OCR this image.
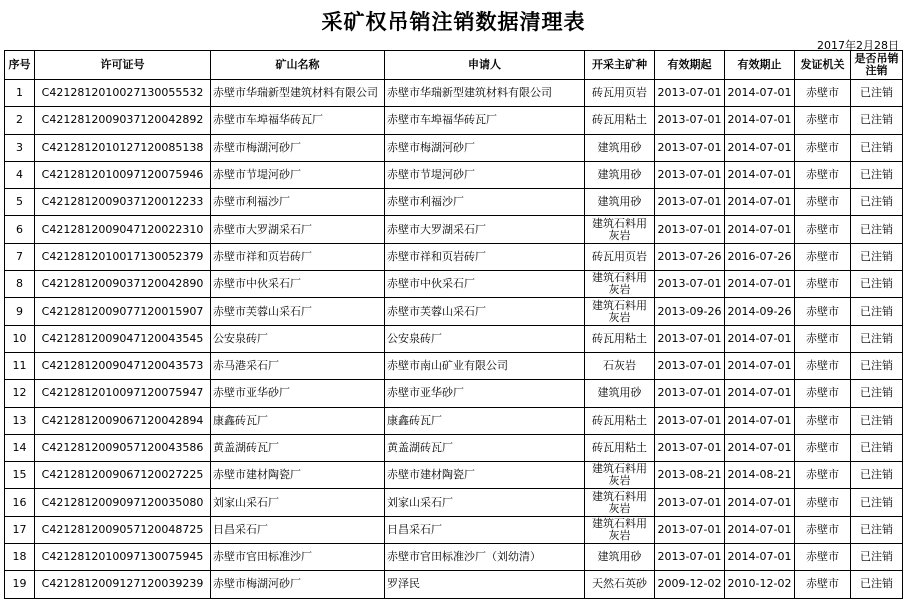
采矿权吊销注销数据清理表
2017年2月28日
序号	许可证号	矿山名称	申请人	开采主矿种	有效期起	有效期止	发证机关	是否吊销注销
1	C4212812010027130055532	赤壁市华瑞新型建筑材料有限公司	赤壁市华瑞新型建筑材料有限公司	砖瓦用页岩	2013-07-01	2014-07-01	赤壁市	已注销
2	C4212812009037120042892	赤壁市车埠福华砖瓦厂	赤壁市车埠福华砖瓦厂	砖瓦用粘土	2013-07-01	2014-07-01	赤壁市	已注销
3	C4212812010127120085138	赤壁市梅湖河砂厂	赤壁市梅湖河砂厂	建筑用砂	2013-07-01	2014-07-01	赤壁市	已注销
4	C4212812010097120075946	赤壁市节堤河砂厂	赤壁市节堤河砂厂	建筑用砂	2013-07-01	2014-07-01	赤壁市	已注销
5	C4212812009037120012233	赤壁市利福沙厂	赤壁市利福沙厂	建筑用砂	2013-07-01	2014-07-01	赤壁市	已注销
6	C4212812009047120022310	赤壁市大罗湖采石厂	赤壁市大罗湖采石厂	建筑石料用灰岩	2013-07-01	2014-07-01	赤壁市	已注销
7	C4212812010017130052379	赤壁市祥和页岩砖厂	赤壁市祥和页岩砖厂	砖瓦用页岩	2013-07-26	2016-07-26	赤壁市	已注销
8	C4212812009037120042890	赤壁市中伙采石厂	赤壁市中伙采石厂	建筑石料用灰岩	2013-07-01	2014-07-01	赤壁市	已注销
9	C4212812009077120015907	赤壁市芙蓉山采石厂	赤壁市芙蓉山采石厂	建筑石料用灰岩	2013-09-26	2014-09-26	赤壁市	已注销
10	C4212812009047120043545	公安泉砖厂	公安泉砖厂	砖瓦用粘土	2013-07-01	2014-07-01	赤壁市	已注销
11	C4212812009047120043573	赤马港采石厂	赤壁市南山矿业有限公司	石灰岩	2013-07-01	2014-07-01	赤壁市	已注销
12	C4212812010097120075947	赤壁市亚华砂厂	赤壁市亚华砂厂	建筑用砂	2013-07-01	2014-07-01	赤壁市	已注销
13	C4212812009067120042894	康鑫砖瓦厂	康鑫砖瓦厂	砖瓦用粘土	2013-07-01	2014-07-01	赤壁市	已注销
14	C4212812009057120043586	黄盖湖砖瓦厂	黄盖湖砖瓦厂	砖瓦用粘土	2013-07-01	2014-07-01	赤壁市	已注销
15	C4212812009067120027225	赤壁市建材陶瓷厂	赤壁市建材陶瓷厂	建筑石料用灰岩	2013-08-21	2014-08-21	赤壁市	已注销
16	C4212812009097120035080	刘家山采石厂	刘家山采石厂	建筑石料用灰岩	2013-07-01	2014-07-01	赤壁市	已注销
17	C4212812009057120048725	日昌采石厂	日昌采石厂	建筑石料用灰岩	2013-07-01	2014-07-01	赤壁市	已注销
18	C4212812010097130075945	赤壁市官田标准沙厂	赤壁市官田标准沙厂（刘幼清）	建筑用砂	2013-07-01	2014-07-01	赤壁市	已注销
19	C4212812009127120039239	赤壁市梅湖河砂厂	罗泽民	天然石英砂	2009-12-02	2010-12-02	赤壁市	已注销
